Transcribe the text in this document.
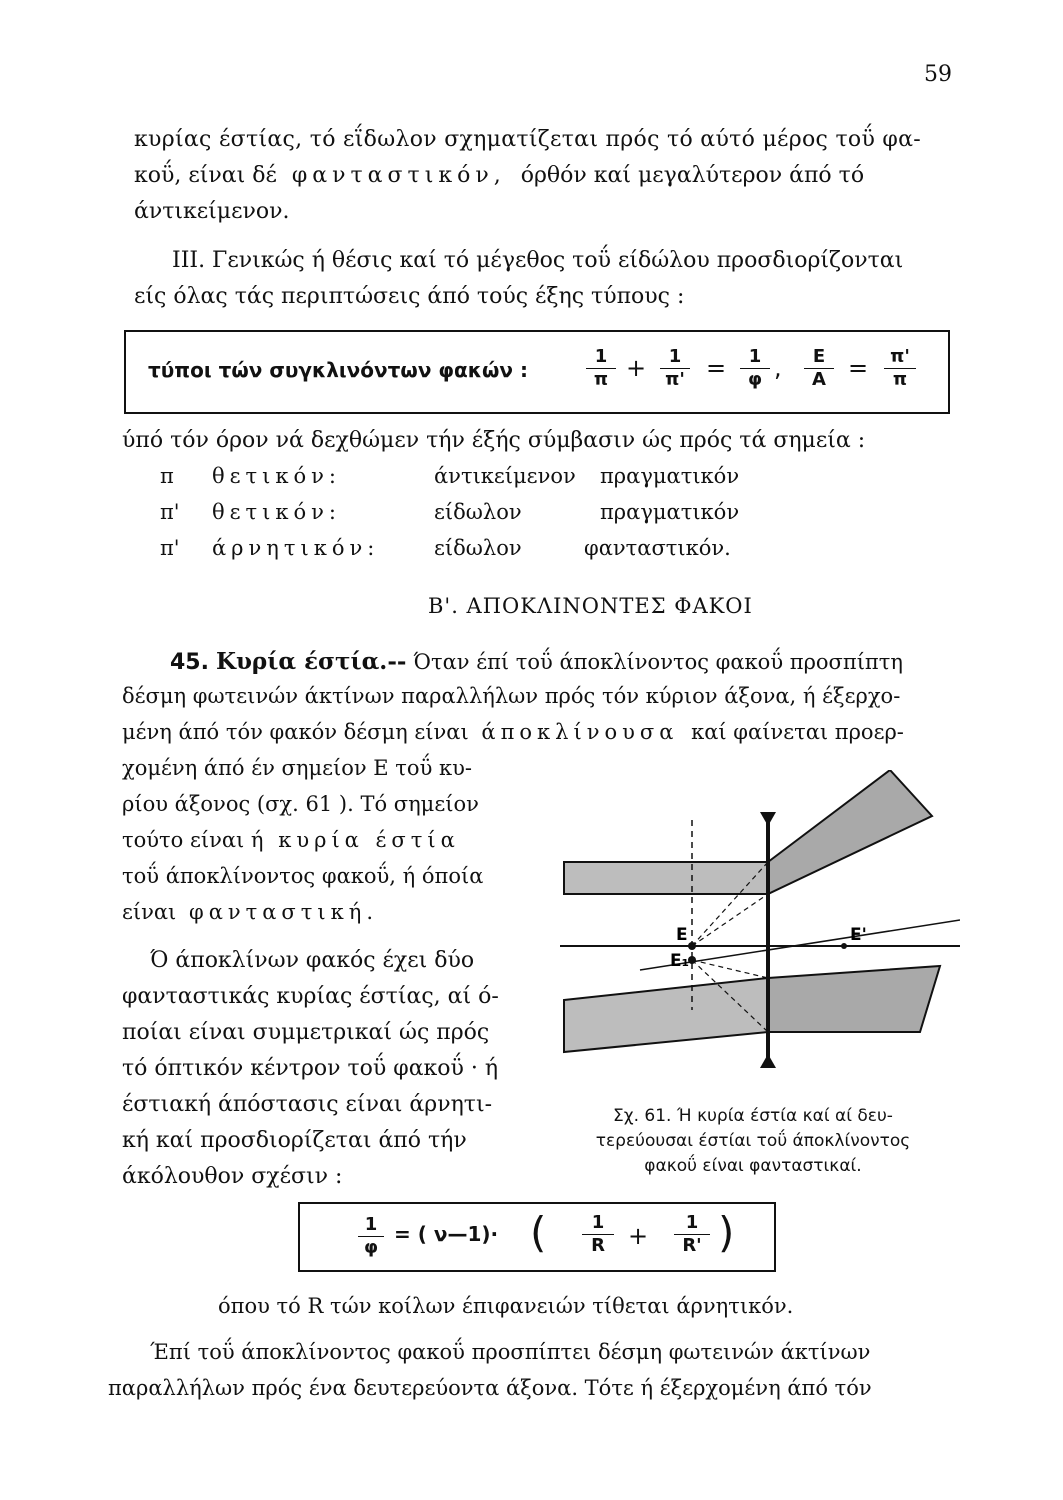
59
κυρίας έστίας, τό εΐδωλον σχηματίζεται πρός τό αύτό μέρος τοΰ φα-
κοΰ, είναι δέ φανταστικόν, όρθόν καί μεγαλύτερον άπό τό
άντικείμενον.
ΙΙΙ. Γενικώς ή θέσις καί τό μέγεθος τοΰ είδώλου προσδιορίζονται
είς όλας τάς περιπτώσεις άπό τούς έξης τύπους :
τύποι τών συγκλινόντων φακών :	$\frac{1}{\pi} + \frac{1}{\pi'} = \frac{1}{\varphi}$ , $\frac{E}{A} = \frac{\pi'}{\pi}$
ύπό τόν όρον νά δεχθώμεν τήν έξής σύμβασιν ώς πρός τά σημεία :
π θετικόν:	άντικείμενον πραγματικόν
π' θετικόν:	είδωλον	πραγματικόν
π' άρνητικόν:	είδωλον	φανταστικόν.
Β'. ΑΠΟΚΛΙΝΟΝΤΕΣ ΦΑΚΟΙ
45. Κυρία έστία.-- Όταν έπί τοΰ άποκλίνοντος φακοΰ προσπίπτη
δέσμη φωτεινών άκτίνων παραλλήλων πρός τόν κύριον άξονα, ή έξερχο-
μένη άπό τόν φακόν δέσμη είναι άποκλίνουσα καί φαίνεται προερ-
χομένη άπό έν σημείον Ε τοΰ κυ-
ρίου άξονος (σχ. 61 ). Τό σημείον
τούτο είναι ή κυρία έστία
τοΰ άποκλίνοντος φακοΰ, ή όποία
είναι φανταστική.
Ό άποκλίνων φακός έχει δύο
φανταστικάς κυρίας έστίας, αί ό-
ποίαι είναι συμμετρικαί ώς πρός
τό όπτικόν κέντρον τοΰ φακοΰ · ή
έστιακή άπόστασις είναι άρνητι-
κή καί προσδιορίζεται άπό τήν
άκόλουθον σχέσιν :
Ε
Ε₁
Ε'
Σχ. 61. Ή κυρία έστία καί αί δευ-
τερεύουσαι έστίαι τοΰ άποκλίνοντος
φακοΰ είναι φανταστικαί.
$\frac{1}{\varphi}$ = ( ν—1)· ( $\frac{1}{R} + \frac{1}{R'}$ )
όπου τό R τών κοίλων έπιφανειών τίθεται άρνητικόν.
Έπί τοΰ άποκλίνοντος φακοΰ προσπίπτει δέσμη φωτεινών άκτίνων
παραλλήλων πρός ένα δευτερεύοντα άξονα. Τότε ή έξερχομένη άπό τόν
